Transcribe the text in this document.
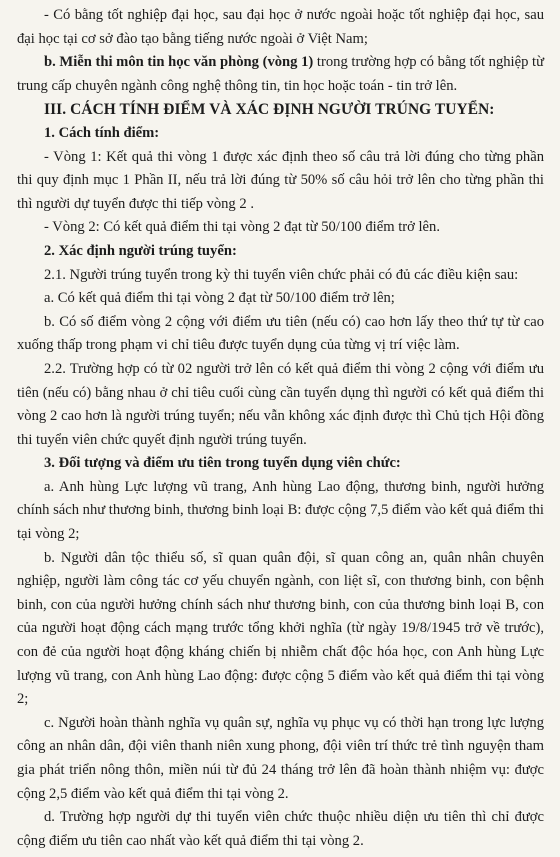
- Có bằng tốt nghiệp đại học, sau đại học ở nước ngoài hoặc tốt nghiệp đại học, sau đại học tại cơ sở đào tạo bằng tiếng nước ngoài ở Việt Nam;

b. Miễn thi môn tin học văn phòng (vòng 1) trong trường hợp có bằng tốt nghiệp từ trung cấp chuyên ngành công nghệ thông tin, tin học hoặc toán - tin trở lên.

III. CÁCH TÍNH ĐIỂM VÀ XÁC ĐỊNH NGƯỜI TRÚNG TUYỂN:

1. Cách tính điểm:

- Vòng 1: Kết quả thi vòng 1 được xác định theo số câu trả lời đúng cho từng phần thi quy định mục 1 Phần II, nếu trả lời đúng từ 50% số câu hỏi trở lên cho từng phần thi thì người dự tuyển được thi tiếp vòng 2 .

- Vòng 2: Có kết quả điểm thi tại vòng 2 đạt từ 50/100 điểm trở lên.

2. Xác định người trúng tuyển:

2.1. Người trúng tuyển trong kỳ thi tuyển viên chức phải có đủ các điều kiện sau:

a. Có kết quả điểm thi tại vòng 2 đạt từ 50/100 điểm trở lên;

b. Có số điểm vòng 2 cộng với điểm ưu tiên (nếu có) cao hơn lấy theo thứ tự từ cao xuống thấp trong phạm vi chỉ tiêu được tuyển dụng của từng vị trí việc làm.

2.2. Trường hợp có từ 02 người trở lên có kết quả điểm thi vòng 2 cộng với điểm ưu tiên (nếu có) bằng nhau ở chỉ tiêu cuối cùng cần tuyển dụng thì người có kết quả điểm thi vòng 2 cao hơn là người trúng tuyển; nếu vẫn không xác định được thì Chủ tịch Hội đồng thi tuyển viên chức quyết định người trúng tuyển.

3. Đối tượng và điểm ưu tiên trong tuyển dụng viên chức:

a. Anh hùng Lực lượng vũ trang, Anh hùng Lao động, thương binh, người hưởng chính sách như thương binh, thương binh loại B: được cộng 7,5 điểm vào kết quả điểm thi tại vòng 2;

b. Người dân tộc thiểu số, sĩ quan quân đội, sĩ quan công an, quân nhân chuyên nghiệp, người làm công tác cơ yếu chuyển ngành, con liệt sĩ, con thương binh, con bệnh binh, con của người hưởng chính sách như thương binh, con của thương binh loại B, con của người hoạt động cách mạng trước tổng khởi nghĩa (từ ngày 19/8/1945 trở về trước), con đẻ của người hoạt động kháng chiến bị nhiễm chất độc hóa học, con Anh hùng Lực lượng vũ trang, con Anh hùng Lao động: được cộng 5 điểm vào kết quả điểm thi tại vòng 2;

c. Người hoàn thành nghĩa vụ quân sự, nghĩa vụ phục vụ có thời hạn trong lực lượng công an nhân dân, đội viên thanh niên xung phong, đội viên trí thức trẻ tình nguyện tham gia phát triển nông thôn, miền núi từ đủ 24 tháng trở lên đã hoàn thành nhiệm vụ: được cộng 2,5 điểm vào kết quả điểm thi tại vòng 2.

d. Trường hợp người dự thi tuyển viên chức thuộc nhiều diện ưu tiên thì chỉ được cộng điểm ưu tiên cao nhất vào kết quả điểm thi tại vòng 2.
